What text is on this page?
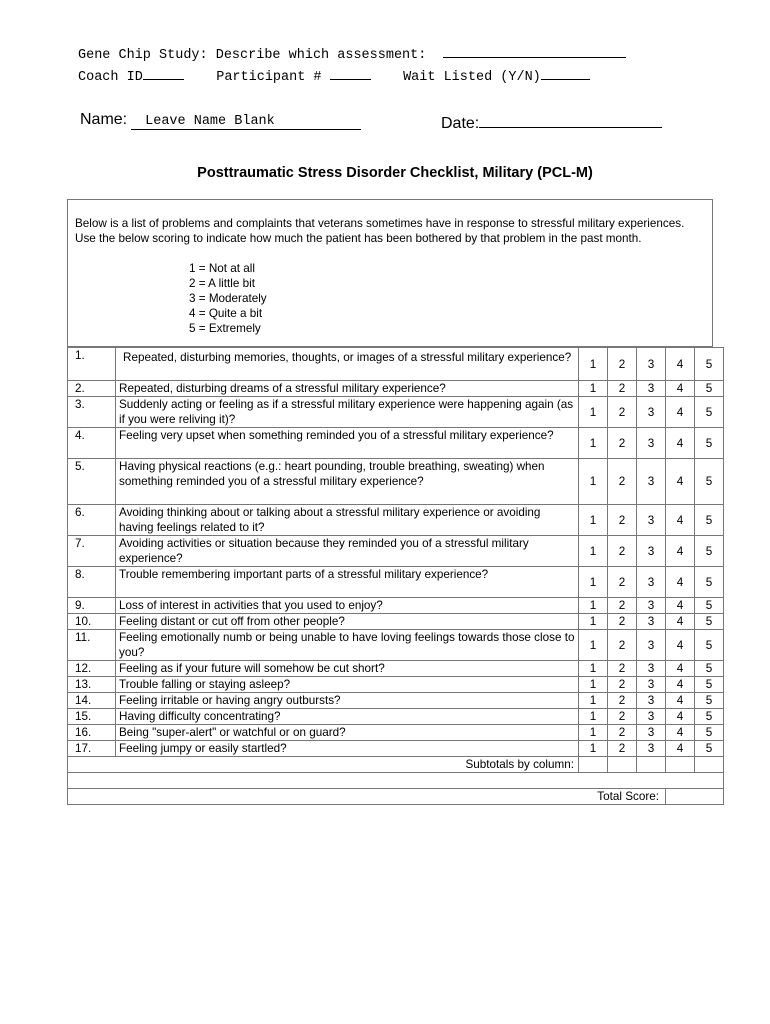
Gene Chip Study: Describe which assessment:
Coach ID	Participant #	Wait Listed (Y/N)
Name: Leave Name Blank	Date:
Posttraumatic Stress Disorder Checklist, Military (PCL-M)
Below is a list of problems and complaints that veterans sometimes have in response to stressful military experiences. Use the below scoring to indicate how much the patient has been bothered by that problem in the past month.
1 = Not at all
2 = A little bit
3 = Moderately
4 = Quite a bit
5 = Extremely
1.	Repeated, disturbing memories, thoughts, or images of a stressful military experience?	1	2	3	4	5
2.	Repeated, disturbing dreams of a stressful military experience?	1	2	3	4	5
3.	Suddenly acting or feeling as if a stressful military experience were happening again (as if you were reliving it)?	1	2	3	4	5
4.	Feeling very upset when something reminded you of a stressful military experience?	1	2	3	4	5
5.	Having physical reactions (e.g.: heart pounding, trouble breathing, sweating) when something reminded you of a stressful military experience?	1	2	3	4	5
6.	Avoiding thinking about or talking about a stressful military experience or avoiding having feelings related to it?	1	2	3	4	5
7.	Avoiding activities or situation because they reminded you of a stressful military experience?	1	2	3	4	5
8.	Trouble remembering important parts of a stressful military experience?	1	2	3	4	5
9.	Loss of interest in activities that you used to enjoy?	1	2	3	4	5
10.	Feeling distant or cut off from other people?	1	2	3	4	5
11.	Feeling emotionally numb or being unable to have loving feelings towards those close to you?	1	2	3	4	5
12.	Feeling as if your future will somehow be cut short?	1	2	3	4	5
13.	Trouble falling or staying asleep?	1	2	3	4	5
14.	Feeling irritable or having angry outbursts?	1	2	3	4	5
15.	Having difficulty concentrating?	1	2	3	4	5
16.	Being "super-alert" or watchful or on guard?	1	2	3	4	5
17.	Feeling jumpy or easily startled?	1	2	3	4	5
Subtotals by column:						

Total Score:						
